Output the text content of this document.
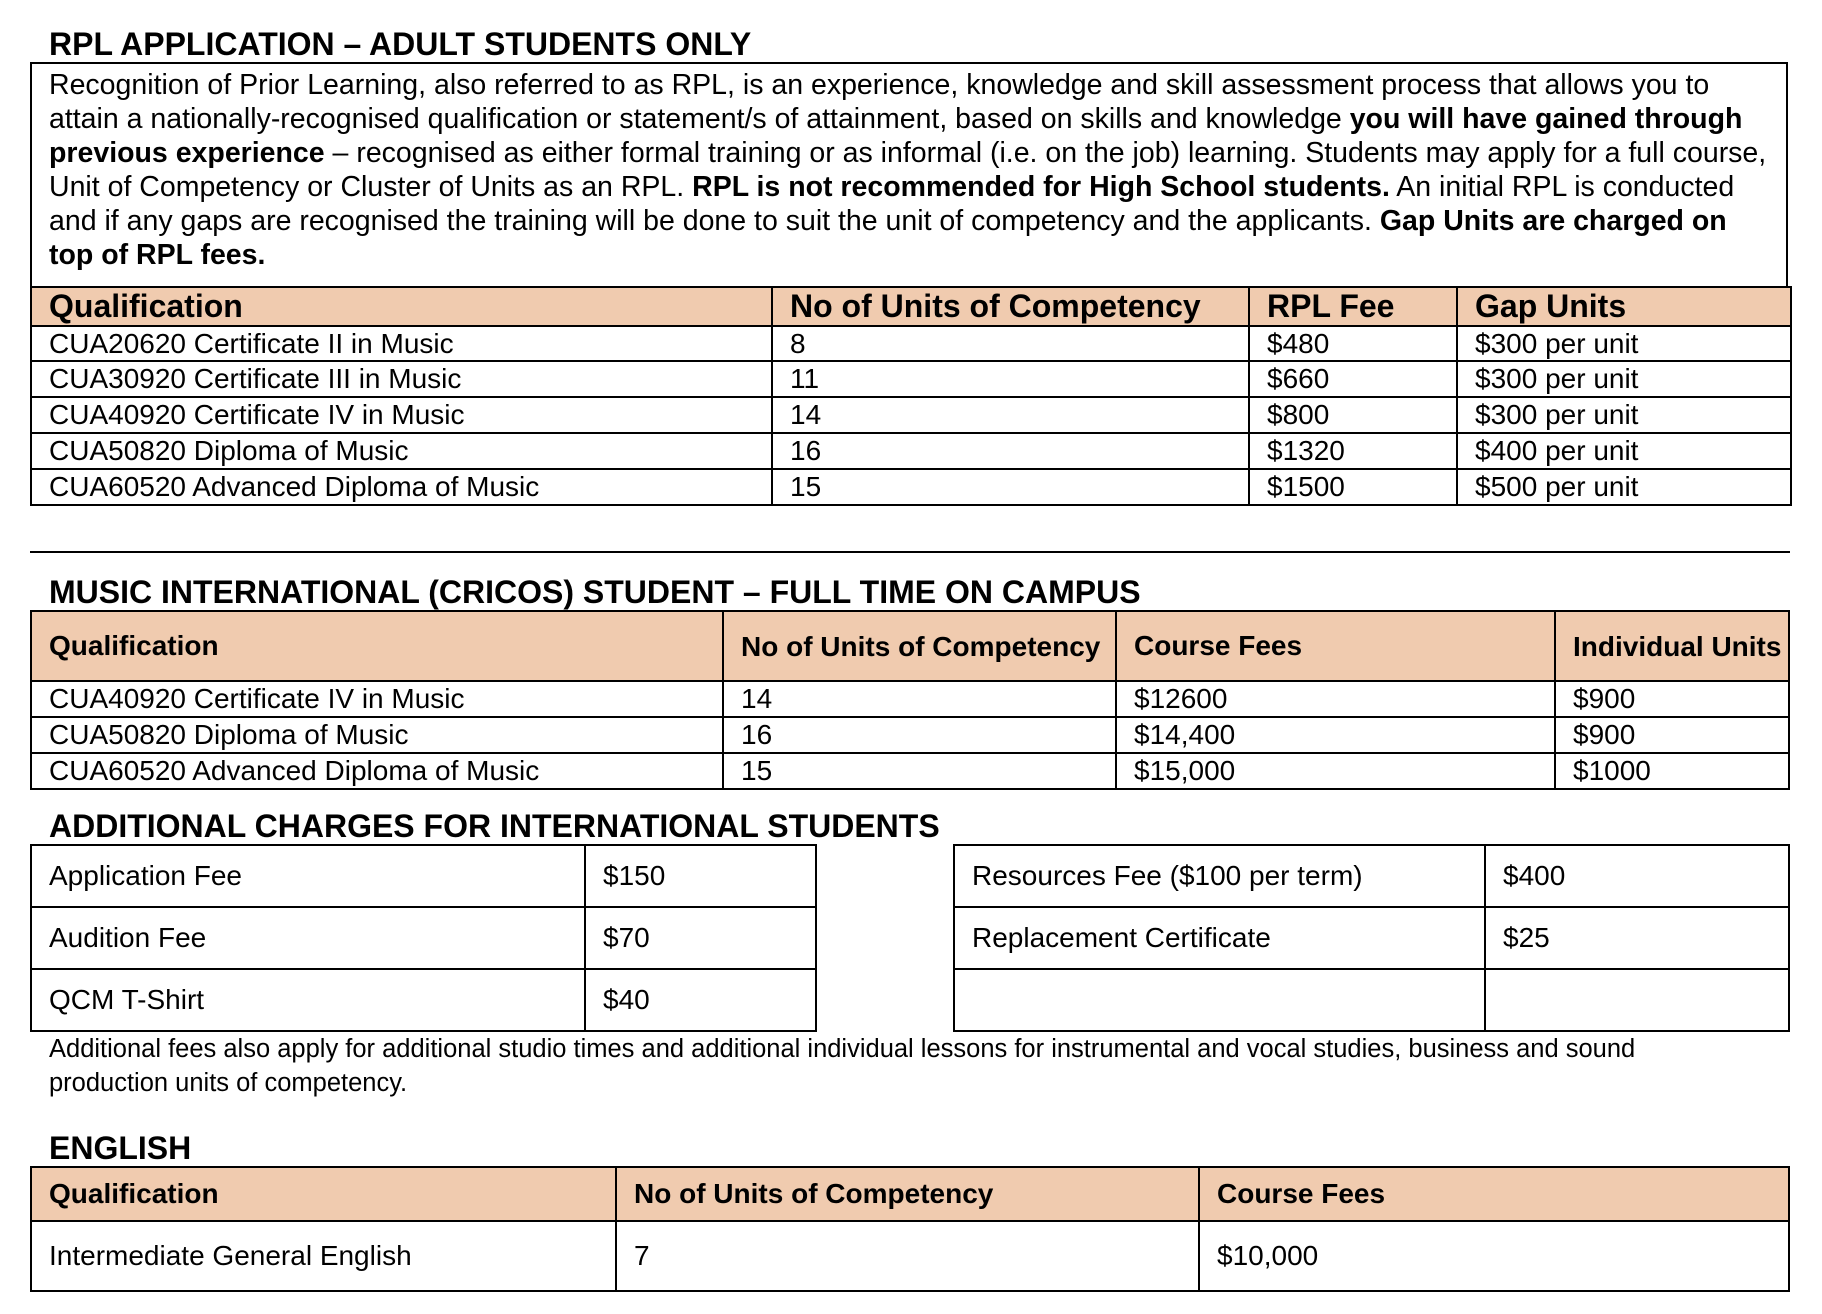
RPL APPLICATION – ADULT STUDENTS ONLY
Recognition of Prior Learning, also referred to as RPL, is an experience, knowledge and skill assessment process that allows you to attain a nationally-recognised qualification or statement/s of attainment, based on skills and knowledge you will have gained through previous experience – recognised as either formal training or as informal (i.e. on the job) learning. Students may apply for a full course, Unit of Competency or Cluster of Units as an RPL. RPL is not recommended for High School students. An initial RPL is conducted and if any gaps are recognised the training will be done to suit the unit of competency and the applicants. Gap Units are charged on top of RPL fees.
Qualification	No of Units of Competency	RPL Fee	Gap Units
CUA20620 Certificate II in Music	8	$480	$300 per unit
CUA30920 Certificate III in Music	11	$660	$300 per unit
CUA40920 Certificate IV in Music	14	$800	$300 per unit
CUA50820 Diploma of Music	16	$1320	$400 per unit
CUA60520 Advanced Diploma of Music	15	$1500	$500 per unit
MUSIC INTERNATIONAL (CRICOS) STUDENT – FULL TIME ON CAMPUS
Qualification	No of Units of Competency	Course Fees	Individual Units
CUA40920 Certificate IV in Music	14	$12600	$900
CUA50820 Diploma of Music	16	$14,400	$900
CUA60520 Advanced Diploma of Music	15	$15,000	$1000
ADDITIONAL CHARGES FOR INTERNATIONAL STUDENTS
Application Fee	$150
Audition Fee	$70
QCM T-Shirt	$40
Resources Fee ($100 per term)	$400
Replacement Certificate	$25

Additional fees also apply for additional studio times and additional individual lessons for instrumental and vocal studies, business and sound production units of competency.
ENGLISH
Qualification	No of Units of Competency	Course Fees
Intermediate General English	7	$10,000
